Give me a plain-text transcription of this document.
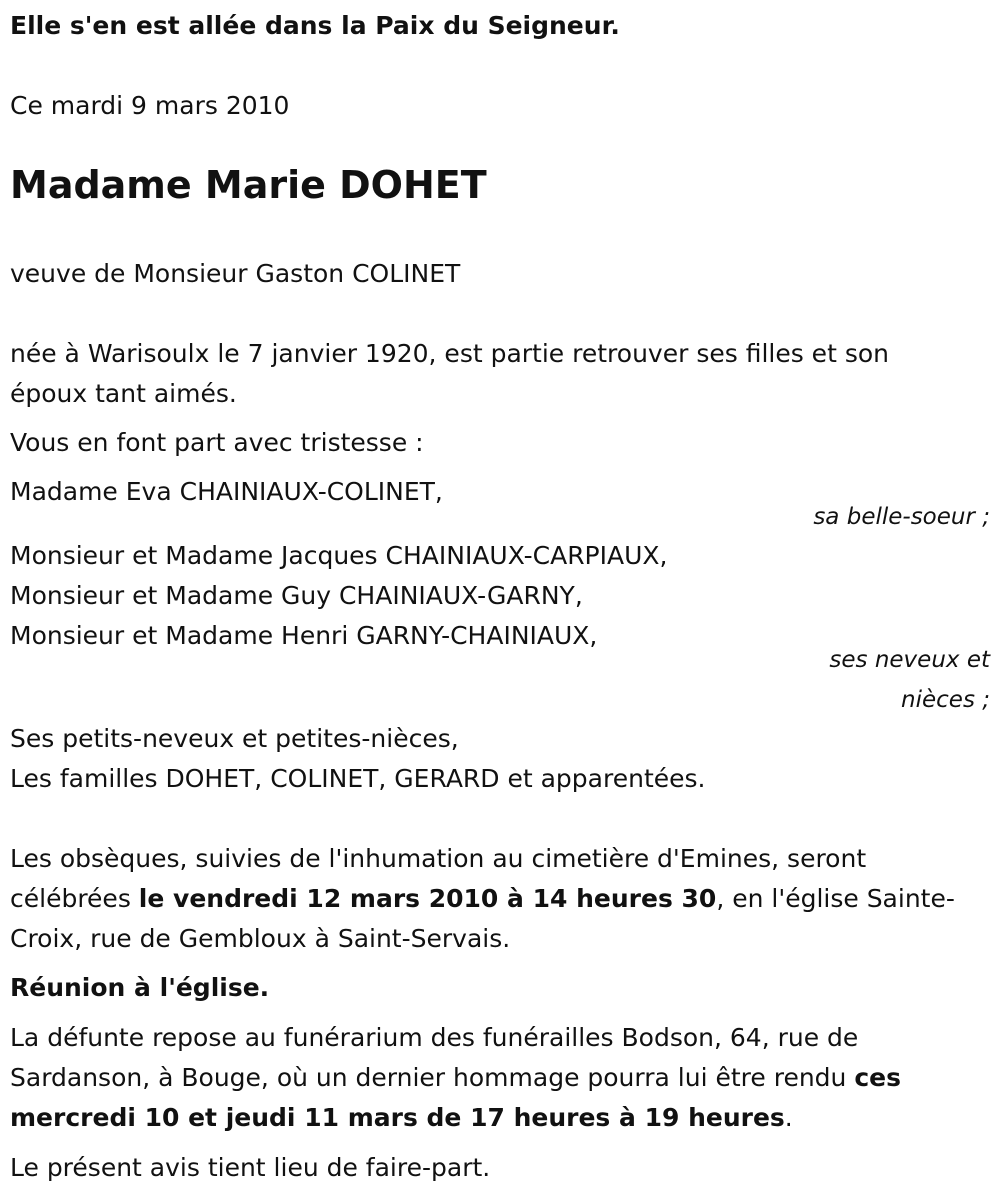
Elle s'en est allée dans la Paix du Seigneur.
Ce mardi 9 mars 2010
Madame Marie DOHET
veuve de Monsieur Gaston COLINET
née à Warisoulx le 7 janvier 1920, est partie retrouver ses filles et son
époux tant aimés.
Vous en font part avec tristesse :
Madame Eva CHAINIAUX-COLINET,
sa belle-soeur ;
Monsieur et Madame Jacques CHAINIAUX-CARPIAUX,
Monsieur et Madame Guy CHAINIAUX-GARNY,
Monsieur et Madame Henri GARNY-CHAINIAUX,
ses neveux et
nièces ;
Ses petits-neveux et petites-nièces,
Les familles DOHET, COLINET, GERARD et apparentées.
Les obsèques, suivies de l'inhumation au cimetière d'Emines, seront
célébrées le vendredi 12 mars 2010 à 14 heures 30, en l'église Sainte-
Croix, rue de Gembloux à Saint-Servais.
Réunion à l'église.
La défunte repose au funérarium des funérailles Bodson, 64, rue de
Sardanson, à Bouge, où un dernier hommage pourra lui être rendu ces
mercredi 10 et jeudi 11 mars de 17 heures à 19 heures.
Le présent avis tient lieu de faire-part.
